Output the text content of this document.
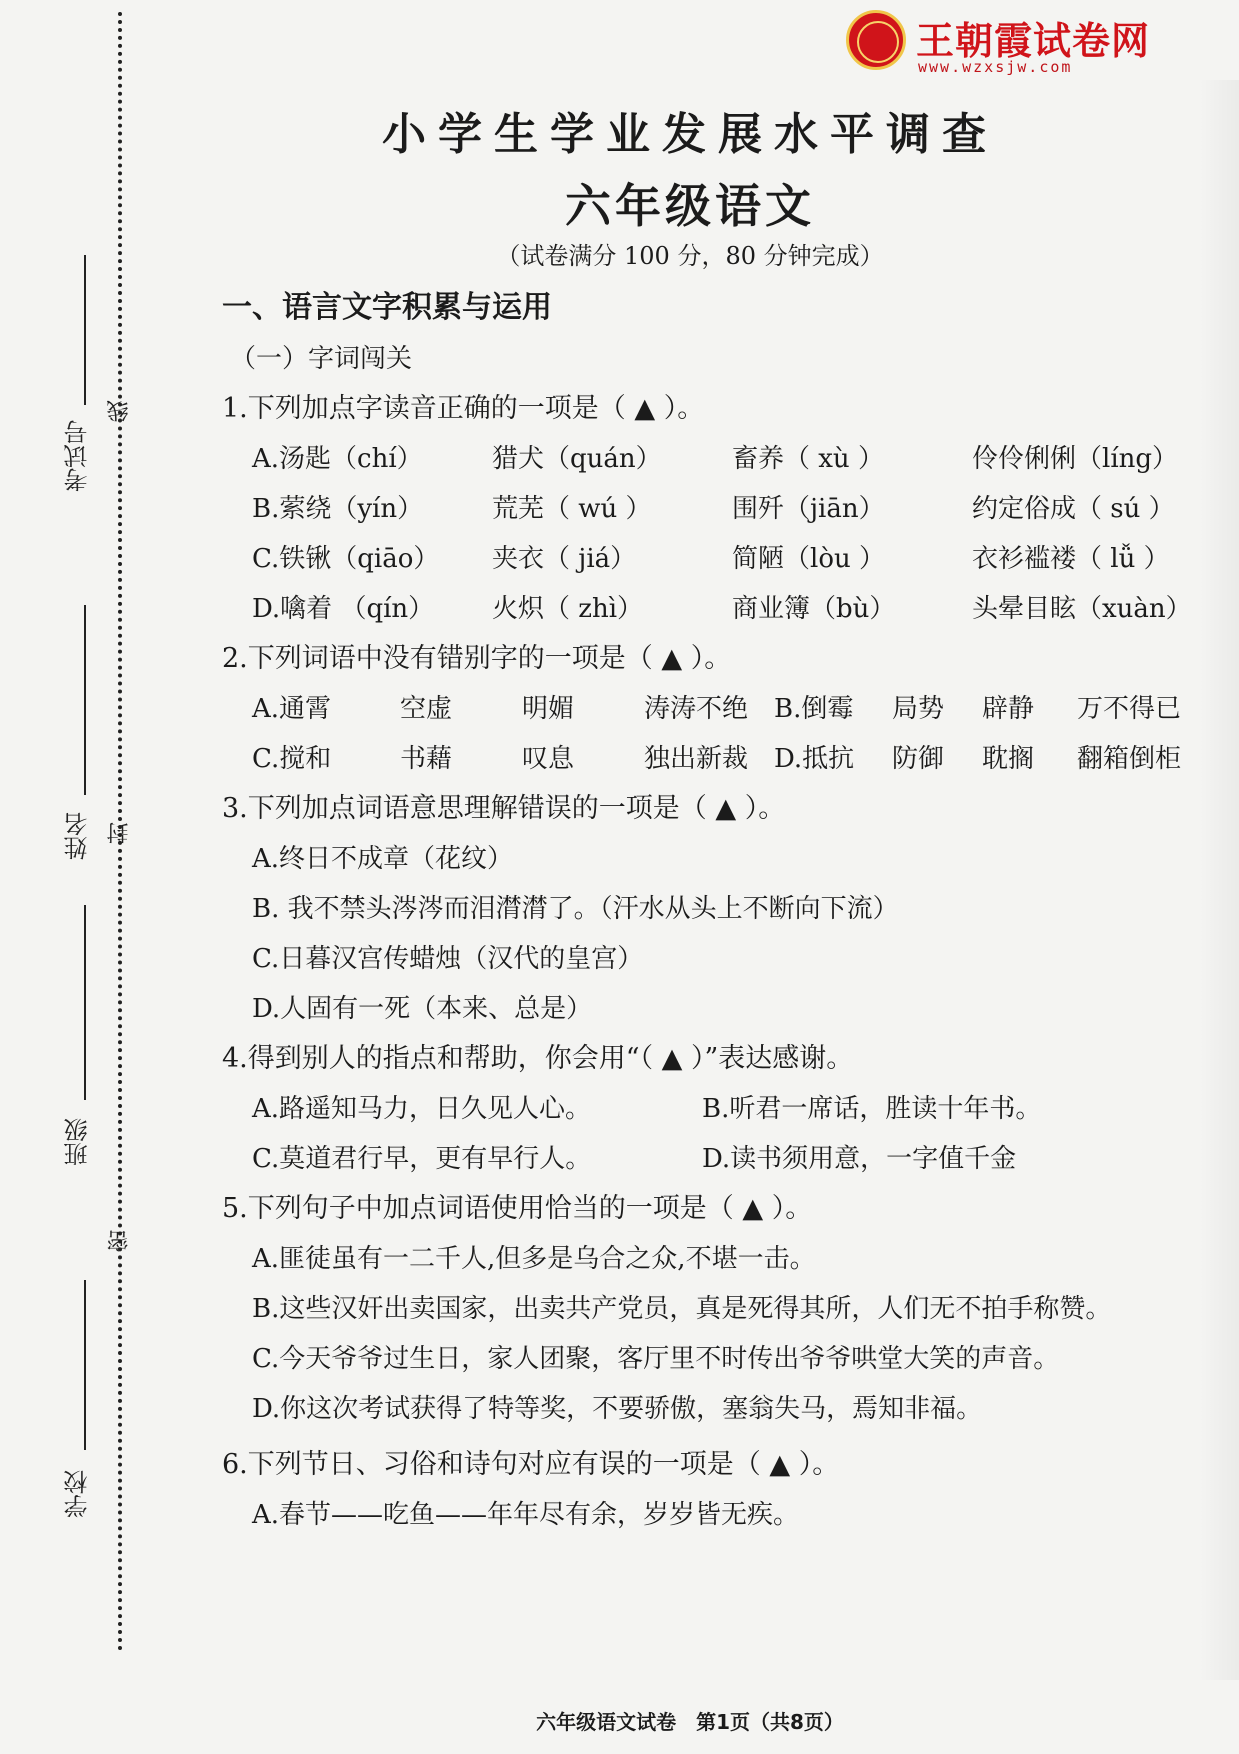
考试号
线
姓名 封
班级
密
学校
王朝霞试卷网
www.wzxsjw.com
小学生学业发展水平调查
六年级语文
（试卷满分 100 分，80 分钟完成）
一、语言文字积累与运用
（一）字词闯关
1.下列加点字读音正确的一项是（ ▲ ）。
A.汤匙（chí）	猎犬（quán）	畜养（ xù ）	伶伶俐俐（líng）
B.萦绕（yín）	荒芜（ wú ）	围歼（jiān）	约定俗成（ sú ）
C.铁锹（qiāo）	夹衣（ jiá）	简陋（lòu ）	衣衫褴褛（ lǚ ）
D.噙着 （qín）	火炽（ zhì）	商业簿（bù）	头晕目眩（xuàn）
2.下列词语中没有错别字的一项是（ ▲ ）。
A.通霄	空虚	明媚	涛涛不绝 B.倒霉	局势	辟静	万不得已
C.搅和	书藉	叹息	独出新裁 D.抵抗	防御	耽搁	翻箱倒柜
3.下列加点词语意思理解错误的一项是（ ▲ ）。
A.终日不成章（花纹）
B. 我不禁头涔涔而泪潸潸了。（汗水从头上不断向下流）
C.日暮汉宫传蜡烛（汉代的皇宫）
D.人固有一死（本来、总是）
4.得到别人的指点和帮助，你会用“（ ▲ ）”表达感谢。
A.路遥知马力，日久见人心。	B.听君一席话，胜读十年书。
C.莫道君行早，更有早行人。	D.读书须用意，一字值千金
5.下列句子中加点词语使用恰当的一项是（ ▲ ）。
A.匪徒虽有一二千人,但多是乌合之众,不堪一击。
B.这些汉奸出卖国家，出卖共产党员，真是死得其所，人们无不拍手称赞。
C.今天爷爷过生日，家人团聚，客厅里不时传出爷爷哄堂大笑的声音。
D.你这次考试获得了特等奖，不要骄傲，塞翁失马，焉知非福。
6.下列节日、习俗和诗句对应有误的一项是（ ▲ ）。
A.春节——吃鱼——年年尽有余，岁岁皆无疾。
六年级语文试卷　第1页（共8页）
